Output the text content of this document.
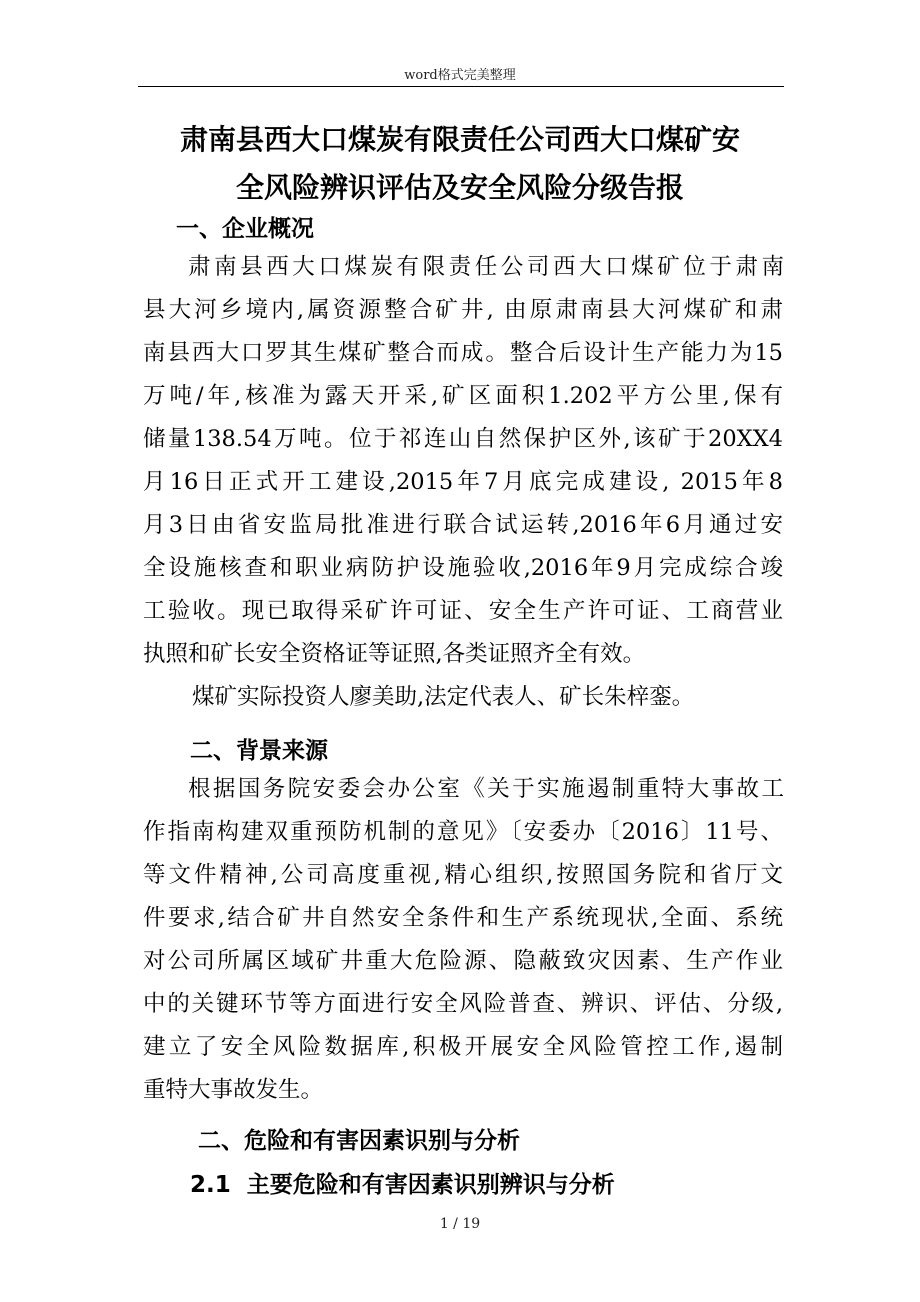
word格式完美整理
肃南县西大口煤炭有限责任公司西大口煤矿安
全风险辨识评估及安全风险分级告报
一、企业概况
肃南县西大口煤炭有限责任公司西大口煤矿位于肃南
县大河乡境内,属资源整合矿井, 由原肃南县大河煤矿和肃
南县西大口罗其生煤矿整合而成。整合后设计生产能力为15
万吨/年,核准为露天开采,矿区面积1.202平方公里,保有
储量138.54万吨。位于祁连山自然保护区外,该矿于20XX4
月16日正式开工建设,2015年7月底完成建设, 2015年8
月3日由省安监局批准进行联合试运转,2016年6月通过安
全设施核查和职业病防护设施验收,2016年9月完成综合竣
工验收。现已取得采矿许可证、安全生产许可证、工商营业
执照和矿长安全资格证等证照,各类证照齐全有效。
煤矿实际投资人廖美助,法定代表人、矿长朱梓銮。
二、背景来源
根据国务院安委会办公室《关于实施遏制重特大事故工
作指南构建双重预防机制的意见》〔安委办〔2016〕11号、
等文件精神,公司高度重视,精心组织,按照国务院和省厅文
件要求,结合矿井自然安全条件和生产系统现状,全面、系统
对公司所属区域矿井重大危险源、隐蔽致灾因素、生产作业
中的关键环节等方面进行安全风险普查、辨识、评估、分级,
建立了安全风险数据库,积极开展安全风险管控工作,遏制
重特大事故发生。
二、危险和有害因素识别与分析
2.1  主要危险和有害因素识别辨识与分析
1 / 19
